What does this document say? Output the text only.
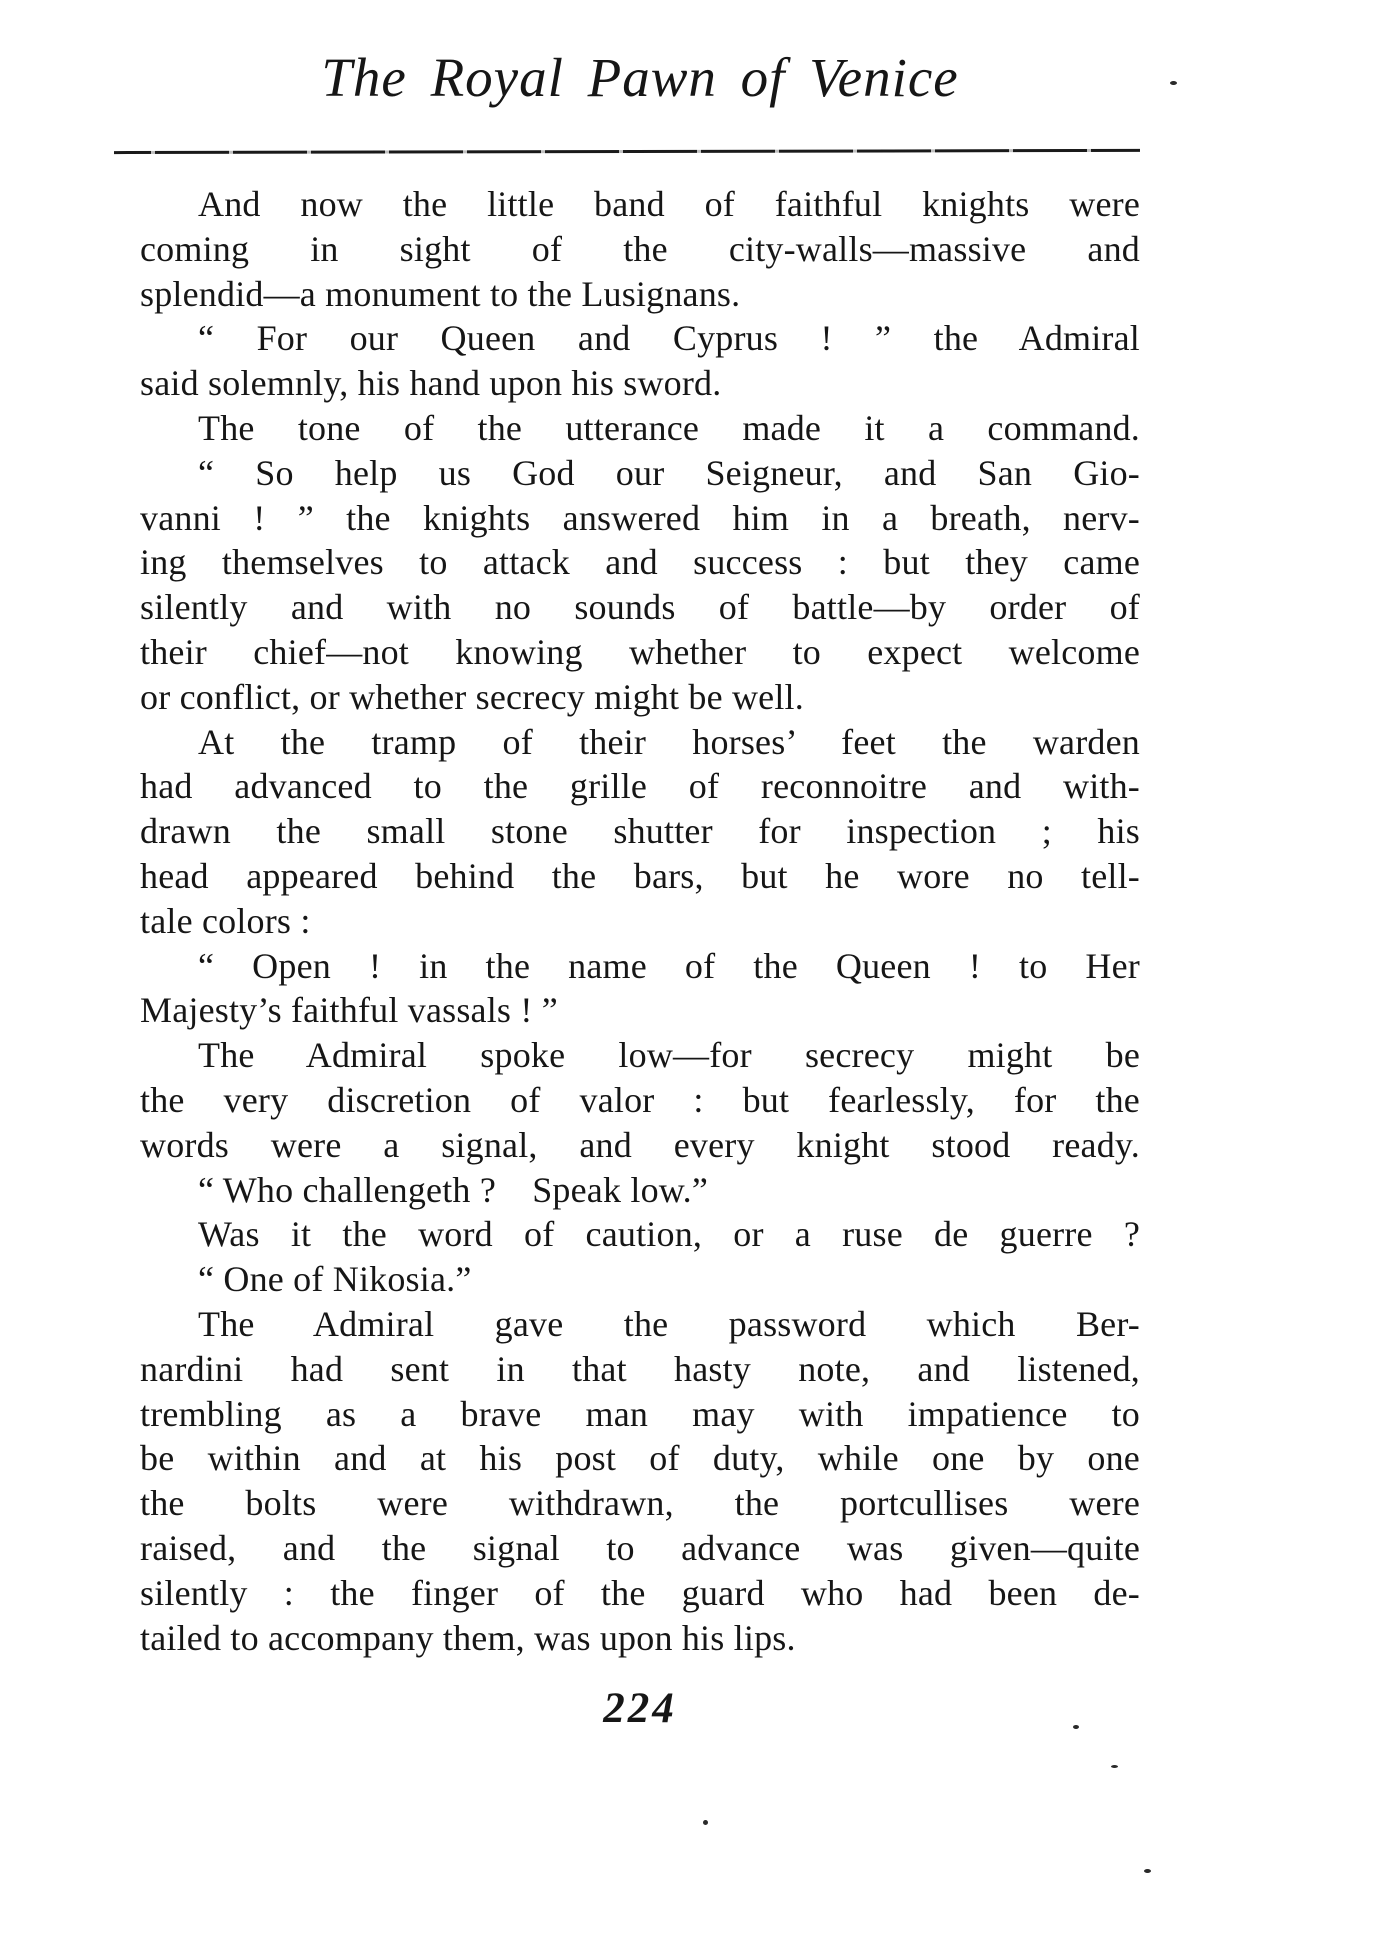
The Royal Pawn of Venice
And now the little band of faithful knights were
coming in sight of the city-walls—massive and
splendid—a monument to the Lusignans.
“ For our Queen and Cyprus ! ” the Admiral
said solemnly, his hand upon his sword.
The tone of the utterance made it a command.
“ So help us God our Seigneur, and San Gio-
vanni ! ” the knights answered him in a breath, nerv-
ing themselves to attack and success : but they came
silently and with no sounds of battle—by order of
their chief—not knowing whether to expect welcome
or conflict, or whether secrecy might be well.
At the tramp of their horses’ feet the warden
had advanced to the grille of reconnoitre and with-
drawn the small stone shutter for inspection ; his
head appeared behind the bars, but he wore no tell-
tale colors :
“ Open ! in the name of the Queen ! to Her
Majesty’s faithful vassals ! ”
The Admiral spoke low—for secrecy might be
the very discretion of valor : but fearlessly, for the
words were a signal, and every knight stood ready.
“ Who challengeth ? Speak low.”
Was it the word of caution, or a ruse de guerre ?
“ One of Nikosia.”
The Admiral gave the password which Ber-
nardini had sent in that hasty note, and listened,
trembling as a brave man may with impatience to
be within and at his post of duty, while one by one
the bolts were withdrawn, the portcullises were
raised, and the signal to advance was given—quite
silently : the finger of the guard who had been de-
tailed to accompany them, was upon his lips.
224
